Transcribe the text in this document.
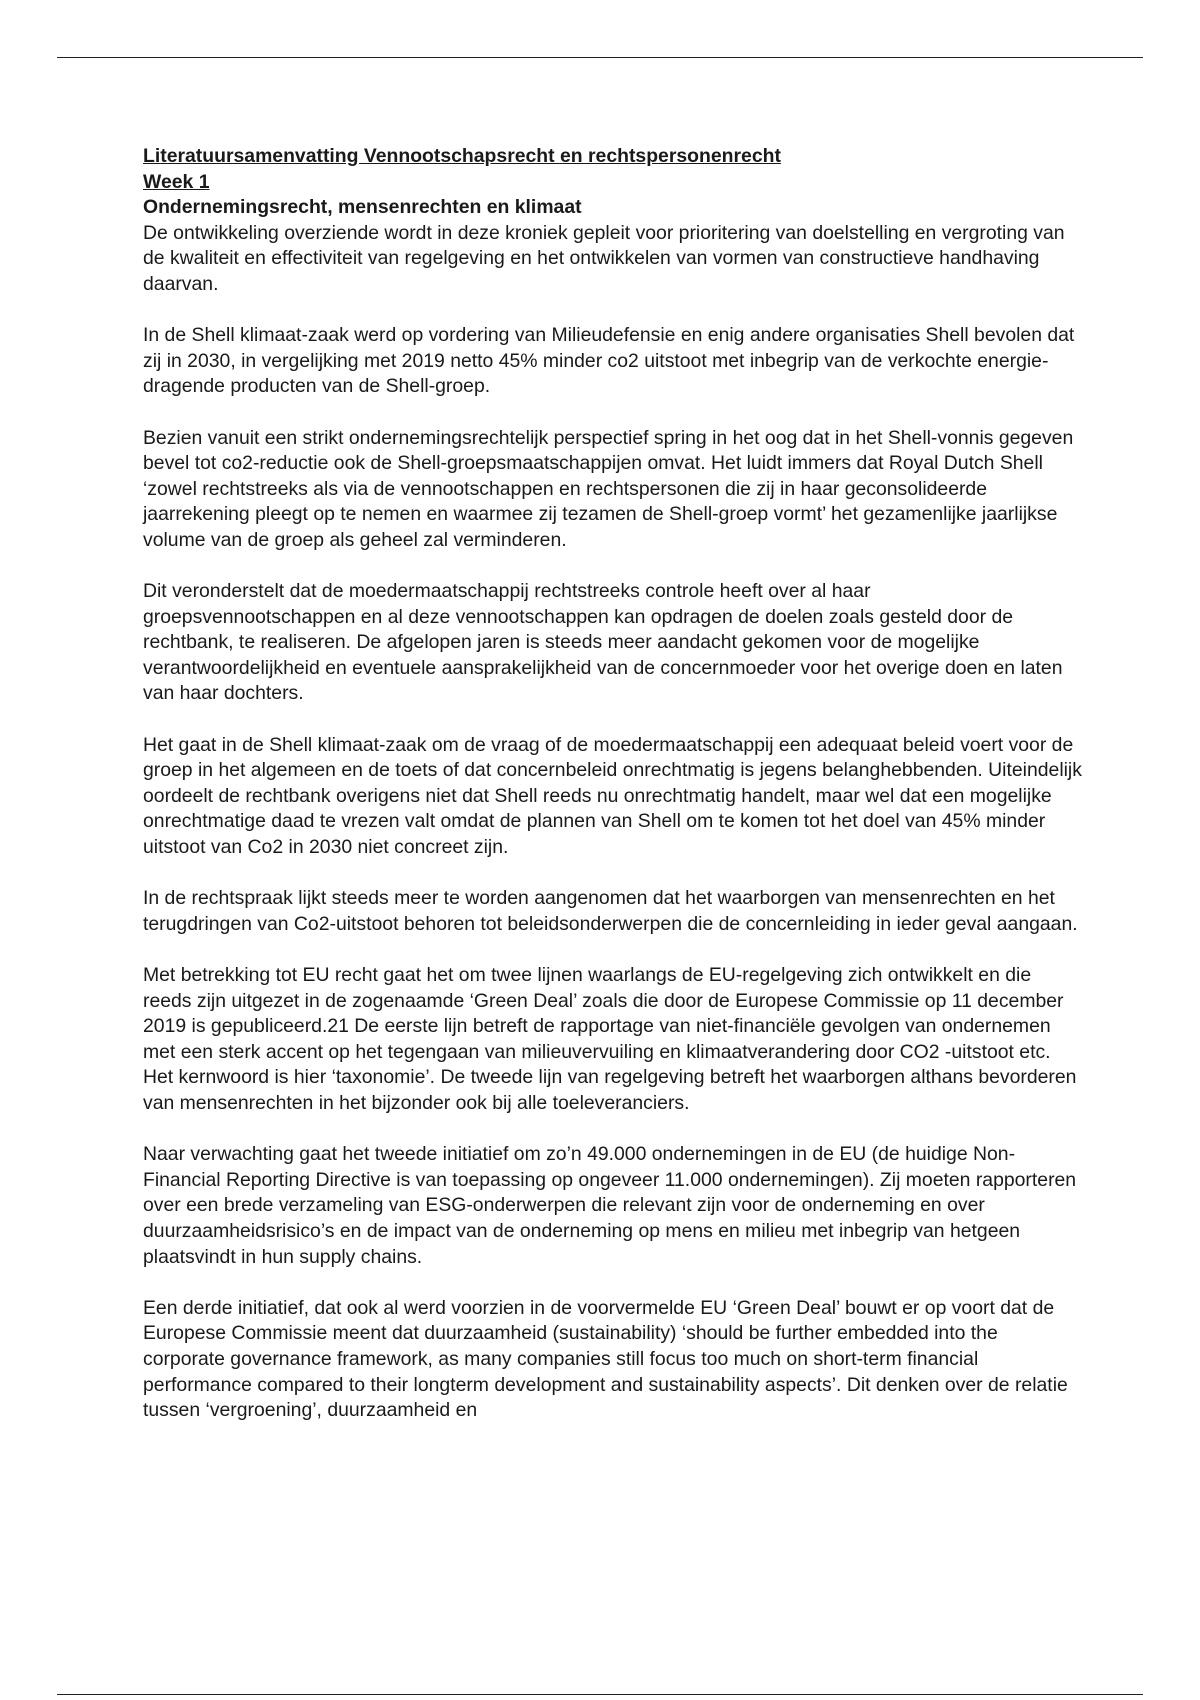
Literatuursamenvatting Vennootschapsrecht en rechtspersonenrecht

Week 1

Ondernemingsrecht, mensenrechten en klimaat

De ontwikkeling overziende wordt in deze kroniek gepleit voor prioritering van doelstelling en vergroting van de kwaliteit en effectiviteit van regelgeving en het ontwikkelen van vormen van constructieve handhaving daarvan.

In de Shell klimaat-zaak werd op vordering van Milieudefensie en enig andere organisaties Shell bevolen dat zij in 2030, in vergelijking met 2019 netto 45% minder co2 uitstoot met inbegrip van de verkochte energie-dragende producten van de Shell-groep.

Bezien vanuit een strikt ondernemingsrechtelijk perspectief spring in het oog dat in het Shell-vonnis gegeven bevel tot co2-reductie ook de Shell-groepsmaatschappijen omvat. Het luidt immers dat Royal Dutch Shell ‘zowel rechtstreeks als via de vennootschappen en rechtspersonen die zij in haar geconsolideerde jaarrekening pleegt op te nemen en waarmee zij tezamen de Shell-groep vormt’ het gezamenlijke jaarlijkse volume van de groep als geheel zal verminderen.

Dit veronderstelt dat de moedermaatschappij rechtstreeks controle heeft over al haar groepsvennootschappen en al deze vennootschappen kan opdragen de doelen zoals gesteld door de rechtbank, te realiseren. De afgelopen jaren is steeds meer aandacht gekomen voor de mogelijke verantwoordelijkheid en eventuele aansprakelijkheid van de concernmoeder voor het overige doen en laten van haar dochters.

Het gaat in de Shell klimaat-zaak om de vraag of de moedermaatschappij een adequaat beleid voert voor de groep in het algemeen en de toets of dat concernbeleid onrechtmatig is jegens belanghebbenden. Uiteindelijk oordeelt de rechtbank overigens niet dat Shell reeds nu onrechtmatig handelt, maar wel dat een mogelijke onrechtmatige daad te vrezen valt omdat de plannen van Shell om te komen tot het doel van 45% minder uitstoot van Co2 in 2030 niet concreet zijn.

In de rechtspraak lijkt steeds meer te worden aangenomen dat het waarborgen van mensenrechten en het terugdringen van Co2-uitstoot behoren tot beleidsonderwerpen die de concernleiding in ieder geval aangaan.

Met betrekking tot EU recht gaat het om twee lijnen waarlangs de EU-regelgeving zich ontwikkelt en die reeds zijn uitgezet in de zogenaamde ‘Green Deal’ zoals die door de Europese Commissie op 11 december 2019 is gepubliceerd.21 De eerste lijn betreft de rapportage van niet-financiële gevolgen van ondernemen met een sterk accent op het tegengaan van milieuvervuiling en klimaatverandering door CO2 -uitstoot etc. Het kernwoord is hier ‘taxonomie’. De tweede lijn van regelgeving betreft het waarborgen althans bevorderen van mensenrechten in het bijzonder ook bij alle toeleveranciers.

Naar verwachting gaat het tweede initiatief om zo’n 49.000 ondernemingen in de EU (de huidige Non-Financial Reporting Directive is van toepassing op ongeveer 11.000 ondernemingen). Zij moeten rapporteren over een brede verzameling van ESG-onderwerpen die relevant zijn voor de onderneming en over duurzaamheidsrisico’s en de impact van de onderneming op mens en milieu met inbegrip van hetgeen plaatsvindt in hun supply chains.

Een derde initiatief, dat ook al werd voorzien in de voorvermelde EU ‘Green Deal’ bouwt er op voort dat de Europese Commissie meent dat duurzaamheid (sustainability) ‘should be further embedded into the corporate governance framework, as many companies still focus too much on short-term financial performance compared to their longterm development and sustainability aspects’. Dit denken over de relatie tussen ‘vergroening’, duurzaamheid en
